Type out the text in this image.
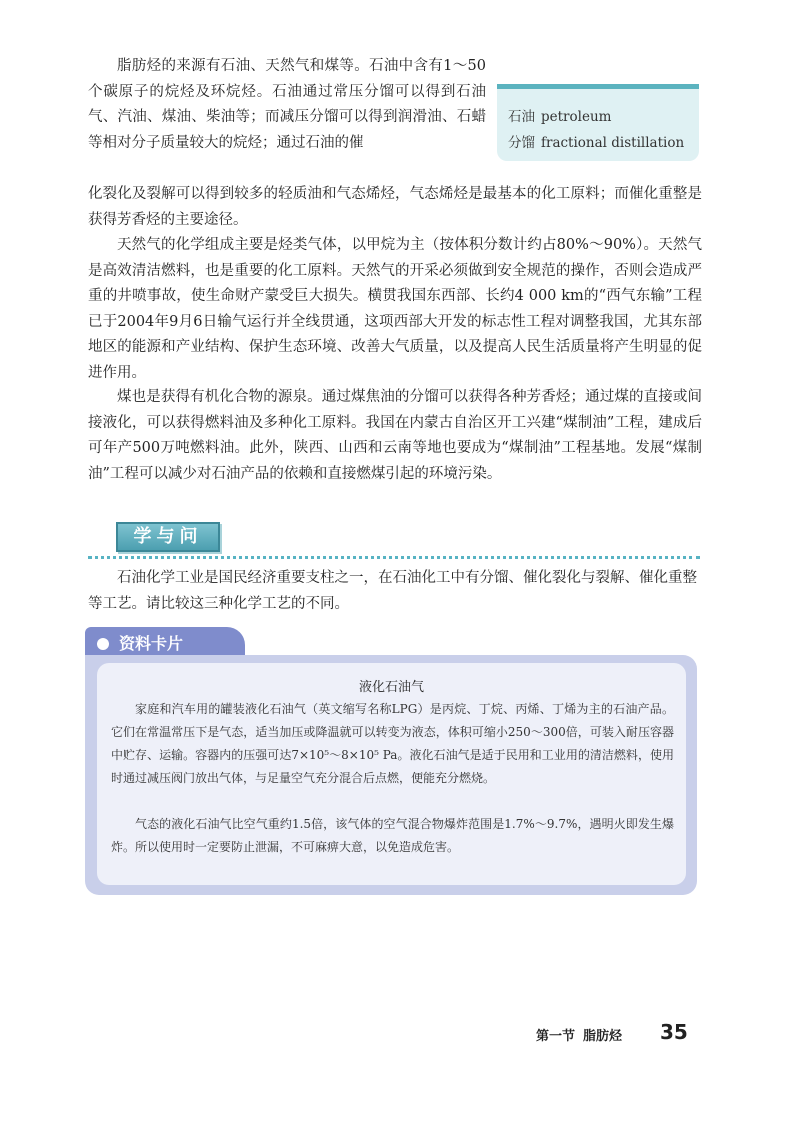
脂肪烃的来源有石油、天然气和煤等。石油中含有1～50个碳原子的烷烃及环烷烃。石油通过常压分馏可以得到石油气、汽油、煤油、柴油等；而减压分馏可以得到润滑油、石蜡等相对分子质量较大的烷烃；通过石油的催

化裂化及裂解可以得到较多的轻质油和气态烯烃，气态烯烃是最基本的化工原料；而催化重整是获得芳香烃的主要途径。

石油 petroleum
分馏 fractional distillation

天然气的化学组成主要是烃类气体，以甲烷为主（按体积分数计约占80%～90%）。天然气是高效清洁燃料，也是重要的化工原料。天然气的开采必须做到安全规范的操作，否则会造成严重的井喷事故，使生命财产蒙受巨大损失。横贯我国东西部、长约4 000 km的“西气东输”工程已于2004年9月6日输气运行并全线贯通，这项西部大开发的标志性工程对调整我国，尤其东部地区的能源和产业结构、保护生态环境、改善大气质量，以及提高人民生活质量将产生明显的促进作用。

煤也是获得有机化合物的源泉。通过煤焦油的分馏可以获得各种芳香烃；通过煤的直接或间接液化，可以获得燃料油及多种化工原料。我国在内蒙古自治区开工兴建“煤制油”工程，建成后可年产500万吨燃料油。此外，陕西、山西和云南等地也要成为“煤制油”工程基地。发展“煤制油”工程可以减少对石油产品的依赖和直接燃煤引起的环境污染。

学与问

石油化学工业是国民经济重要支柱之一，在石油化工中有分馏、催化裂化与裂解、催化重整等工艺。请比较这三种化学工艺的不同。

资料卡片

液化石油气

家庭和汽车用的罐装液化石油气（英文缩写名称LPG）是丙烷、丁烷、丙烯、丁烯为主的石油产品。它们在常温常压下是气态，适当加压或降温就可以转变为液态，体积可缩小250～300倍，可装入耐压容器中贮存、运输。容器内的压强可达7×10⁵～8×10⁵ Pa。液化石油气是适于民用和工业用的清洁燃料，使用时通过减压阀门放出气体，与足量空气充分混合后点燃，便能充分燃烧。

气态的液化石油气比空气重约1.5倍，该气体的空气混合物爆炸范围是1.7%～9.7%，遇明火即发生爆炸。所以使用时一定要防止泄漏，不可麻痹大意，以免造成危害。

第一节 脂肪烃 35
